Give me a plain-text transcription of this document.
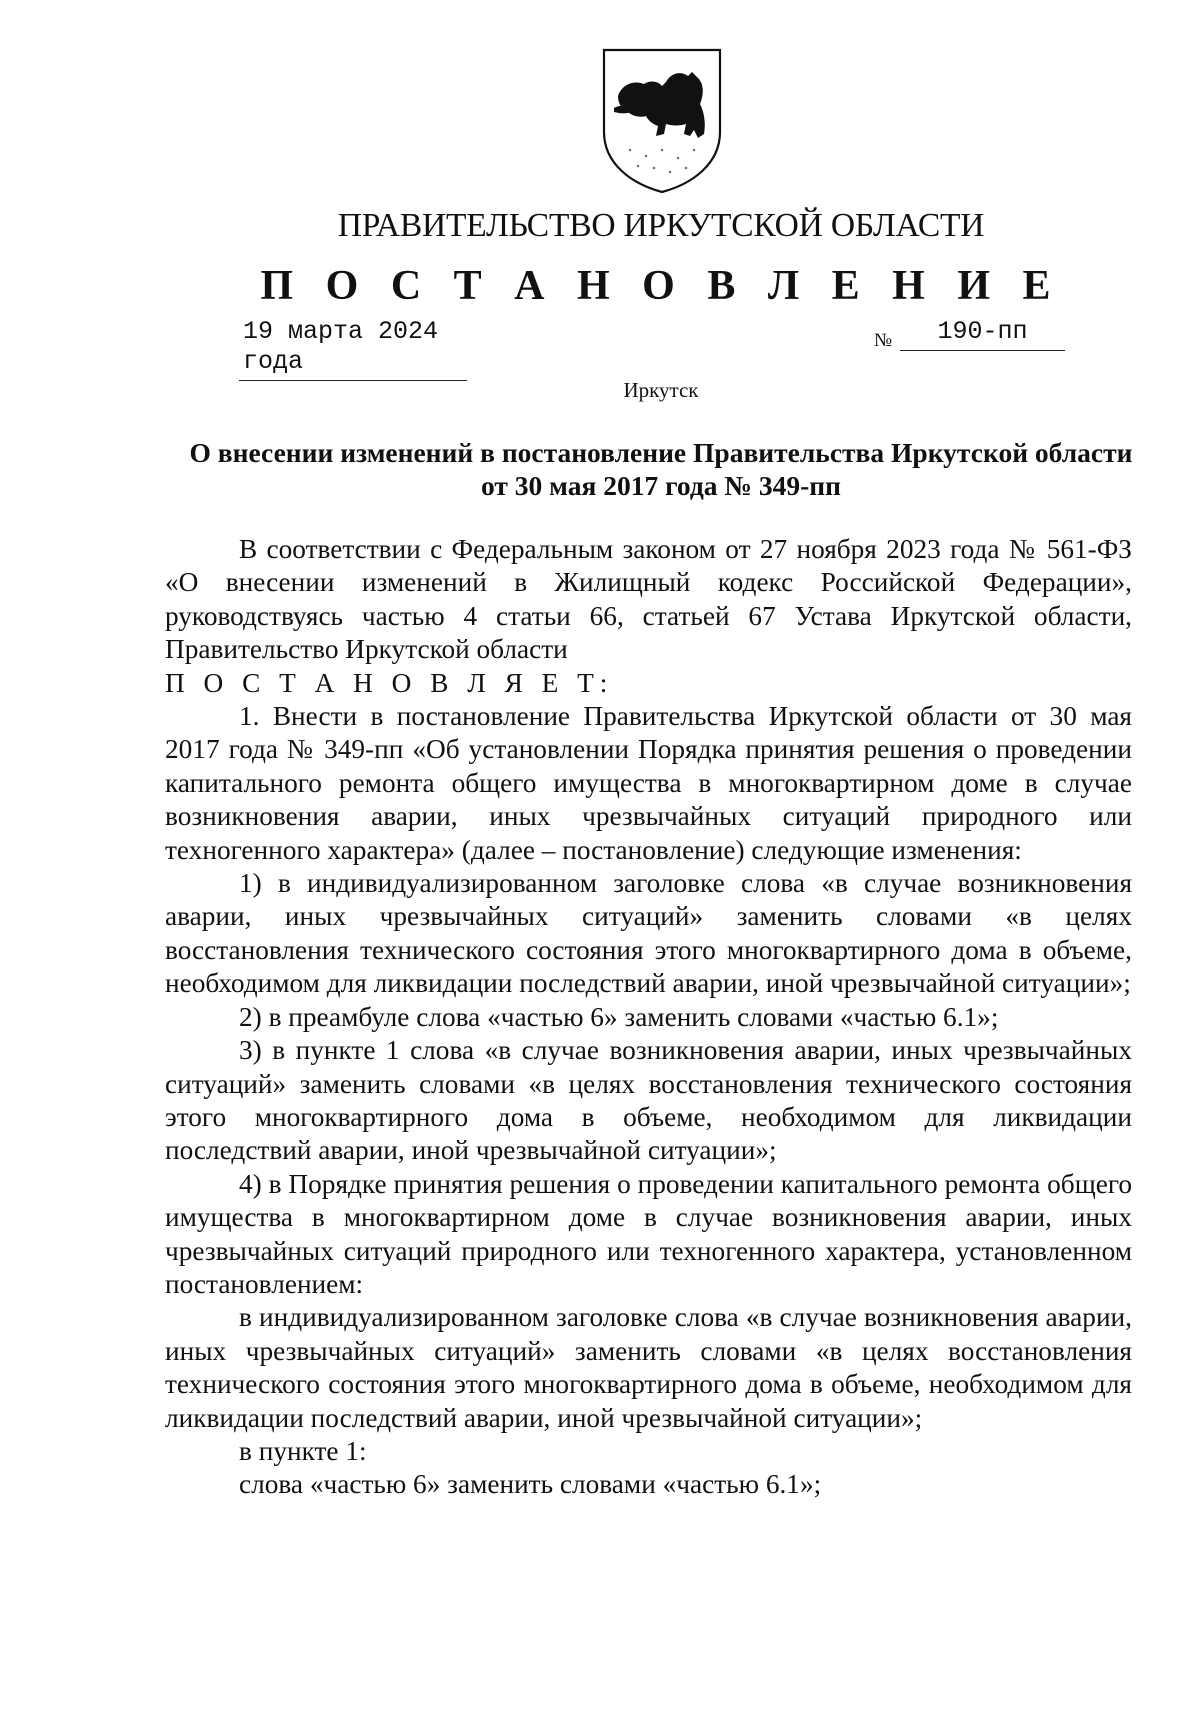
ПРАВИТЕЛЬСТВО ИРКУТСКОЙ ОБЛАСТИ
П О С Т А Н О В Л Е Н И Е
19 марта 2024 года
№	190-пп
Иркутск
О внесении изменений в постановление Правительства Иркутской области от 30 мая 2017 года № 349-пп

В соответствии с Федеральным законом от 27 ноября 2023 года № 561-ФЗ «О внесении изменений в Жилищный кодекс Российской Федерации», руководствуясь частью 4 статьи 66, статьей 67 Устава Иркутской области, Правительство Иркутской области

П О С Т А Н О В Л Я Е Т:

1. Внести в постановление Правительства Иркутской области от 30 мая 2017 года № 349-пп «Об установлении Порядка принятия решения о проведении капитального ремонта общего имущества в многоквартирном доме в случае возникновения аварии, иных чрезвычайных ситуаций природного или техногенного характера» (далее – постановление) следующие изменения:

1) в индивидуализированном заголовке слова «в случае возникновения аварии, иных чрезвычайных ситуаций» заменить словами «в целях восстановления технического состояния этого многоквартирного дома в объеме, необходимом для ликвидации последствий аварии, иной чрезвычайной ситуации»;

2) в преамбуле слова «частью 6» заменить словами «частью 6.1»;

3) в пункте 1 слова «в случае возникновения аварии, иных чрезвычайных ситуаций» заменить словами «в целях восстановления технического состояния этого многоквартирного дома в объеме, необходимом для ликвидации последствий аварии, иной чрезвычайной ситуации»;

4) в Порядке принятия решения о проведении капитального ремонта общего имущества в многоквартирном доме в случае возникновения аварии, иных чрезвычайных ситуаций природного или техногенного характера, установленном постановлением:

в индивидуализированном заголовке слова «в случае возникновения аварии, иных чрезвычайных ситуаций» заменить словами «в целях восстановления технического состояния этого многоквартирного дома в объеме, необходимом для ликвидации последствий аварии, иной чрезвычайной ситуации»;

в пункте 1:

слова «частью 6» заменить словами «частью 6.1»;
